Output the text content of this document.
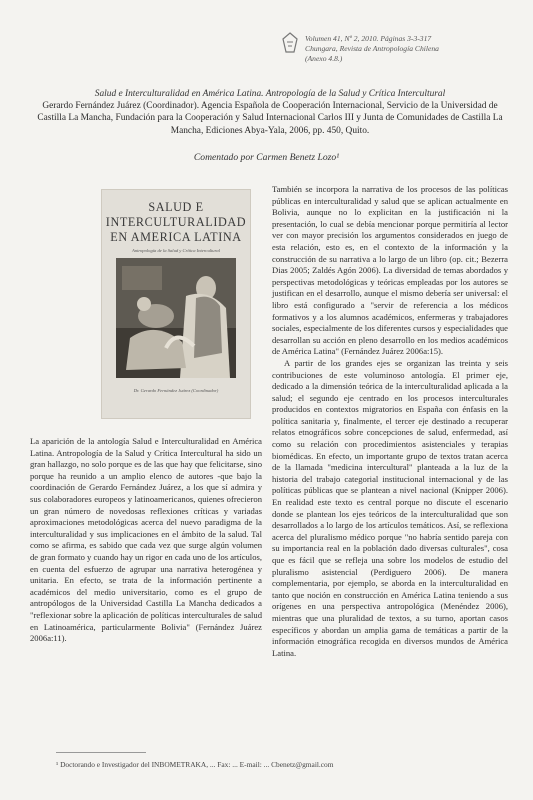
Volumen 41, Nº 2, 2010. Páginas 3-3-317
Chungara, Revista de Antropología Chilena
(Anexo 4.8.)
Salud e Interculturalidad en América Latina. Antropología de la Salud y Crítica Intercultural
Gerardo Fernández Juárez (Coordinador). Agencia Española de Cooperación Internacional, Servicio de la Universidad de Castilla La Mancha, Fundación para la Cooperación y Salud Internacional Carlos III y Junta de Comunidades de Castilla La Mancha, Ediciones Abya-Yala, 2006, pp. 450, Quito.
Comentado por Carmen Benetz Lozo¹
SALUD E INTERCULTURALIDAD EN AMERICA LATINA
Antropología de la Salud y Crítica Intercultural
Dr. Gerardo Fernández Juárez (Coordinador)

La aparición de la antología Salud e Interculturalidad en América Latina. Antropología de la Salud y Crítica Intercultural ha sido un gran hallazgo, no solo porque es de las que hay que felicitarse, sino porque ha reunido a un amplio elenco de autores -que bajo la coordinación de Gerardo Fernández Juárez, a los que sí admira y sus colaboradores europeos y latinoamericanos, quienes ofrecieron un gran número de novedosas reflexiones críticas y variadas aproximaciones metodológicas acerca del nuevo paradigma de la interculturalidad y sus implicaciones en el ámbito de la salud. Tal como se afirma, es sabido que cada vez que surge algún volumen de gran formato y cuando hay un rigor en cada uno de los artículos, en cuenta del esfuerzo de agrupar una narrativa heterogénea y unitaria. En efecto, se trata de la información pertinente a académicos del medio universitario, como es el grupo de antropólogos de la Universidad Castilla La Mancha dedicados a "reflexionar sobre la aplicación de políticas interculturales de salud en Latinoamérica, particularmente Bolivia" (Fernández Juárez 2006a:11).

También se incorpora la narrativa de los procesos de las políticas públicas en interculturalidad y salud que se aplican actualmente en Bolivia, aunque no lo explicitan en la justificación ni la presentación, lo cual se debía mencionar porque permitiría al lector ver con mayor precisión los argumentos considerados en juego de esta relación, esto es, en el contexto de la información y la construcción de su narrativa a lo largo de un libro (op. cit.; Bezerra Dias 2005; Zaldés Agón 2006). La diversidad de temas abordados y perspectivas metodológicas y teóricas empleadas por los autores se justifican en el desarrollo, aunque el mismo debería ser universal: el libro está configurado a "servir de referencia a los médicos formativos y a los alumnos académicos, enfermeras y trabajadores sociales, especialmente de los diferentes cursos y especialidades que desarrollan su acción en pleno desarrollo en los medios académicos de América Latina" (Fernández Juárez 2006a:15).

A partir de los grandes ejes se organizan las treinta y seis contribuciones de este voluminoso antología. El primer eje, dedicado a la dimensión teórica de la interculturalidad aplicada a la salud; el segundo eje centrado en los procesos interculturales producidos en contextos migratorios en España con énfasis en la política sanitaria y, finalmente, el tercer eje destinado a recuperar relatos etnográficos sobre concepciones de salud, enfermedad, así como su relación con procedimientos asistenciales y terapias biomédicas. En efecto, un importante grupo de textos tratan acerca de la llamada "medicina intercultural" planteada a la luz de la historia del trabajo categorial institucional internacional y de las políticas públicas que se plantean a nivel nacional (Knipper 2006). En realidad este texto es central porque no discute el escenario donde se plantean los ejes teóricos de la interculturalidad que son desarrollados a lo largo de los artículos temáticos. Así, se reflexiona acerca del pluralismo médico porque "no habría sentido pareja con su importancia real en la población dado diversas culturales", cosa que es fácil que se refleja una sobre los modelos de estudio del pluralismo asistencial (Perdiguero 2006). De manera complementaria, por ejemplo, se aborda en la interculturalidad en tanto que noción en construcción en América Latina teniendo a sus orígenes en una perspectiva antropológica (Menéndez 2006), mientras que una pluralidad de textos, a su turno, aportan casos específicos y abordan un amplia gama de temáticas a partir de la información etnográfica recogida en diversos mundos de América Latina.

¹ Doctorando e Investigador del INBOMETRAKA, ... Fax: ... E-mail: ... Cbenetz@gmail.com
